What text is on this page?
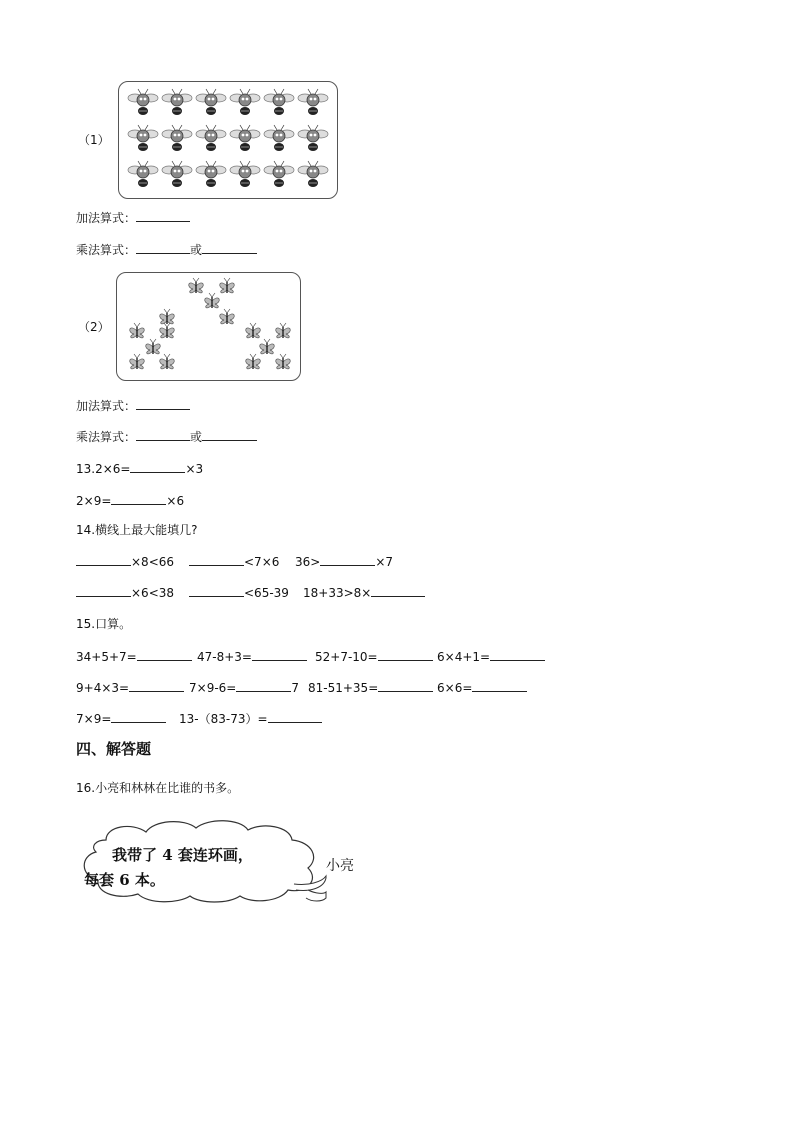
（1）
加法算式：
乘法算式：	或
（2）
加法算式：
乘法算式：	或
13.2×6=	×3
2×9=	×6
14.横线上最大能填几?
×8<66	<7×6 36>	×7
×6<38	<65-39 18+33>8×
15.口算。
34+5+7=	47-8+3=	52+7-10=	6×4+1=
9+4×3=	7×9-6=	7 81-51+35=	6×6=
7×9=	13-（83-73）=
四、解答题
16.小亮和林林在比谁的书多。
我带了 4 套连环画，
每套 6 本。
小亮
